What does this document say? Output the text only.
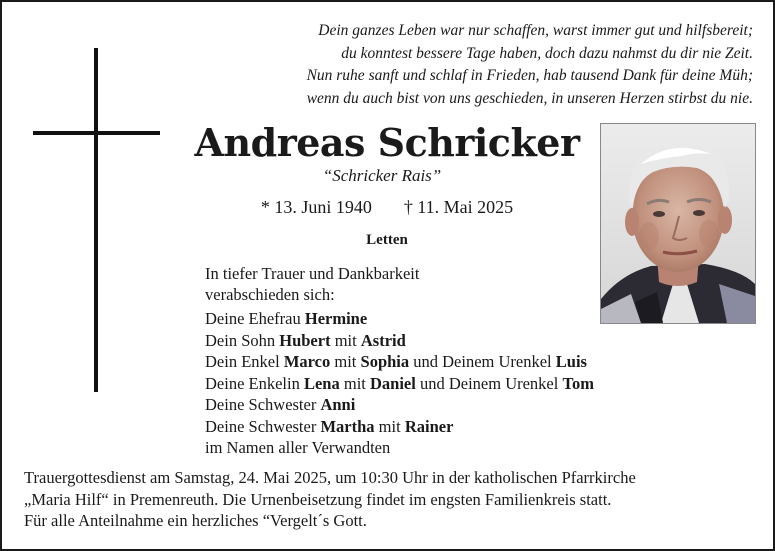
Dein ganzes Leben war nur schaffen, warst immer gut und hilfsbereit;
du konntest bessere Tage haben, doch dazu nahmst du dir nie Zeit.
Nun ruhe sanft und schlaf in Frieden, hab tausend Dank für deine Müh;
wenn du auch bist von uns geschieden, in unseren Herzen stirbst du nie.
Andreas Schricker
“Schricker Rais”
* 13. Juni 1940 † 11. Mai 2025
Letten
In tiefer Trauer und Dankbarkeit
verabschieden sich:
Deine Ehefrau Hermine
Dein Sohn Hubert mit Astrid
Dein Enkel Marco mit Sophia und Deinem Urenkel Luis
Deine Enkelin Lena mit Daniel und Deinem Urenkel Tom
Deine Schwester Anni
Deine Schwester Martha mit Rainer
im Namen aller Verwandten
Trauergottesdienst am Samstag, 24. Mai 2025, um 10:30 Uhr in der katholischen Pfarrkirche
„Maria Hilf“ in Premenreuth. Die Urnenbeisetzung findet im engsten Familienkreis statt.
Für alle Anteilnahme ein herzliches “Vergelt´s Gott.
